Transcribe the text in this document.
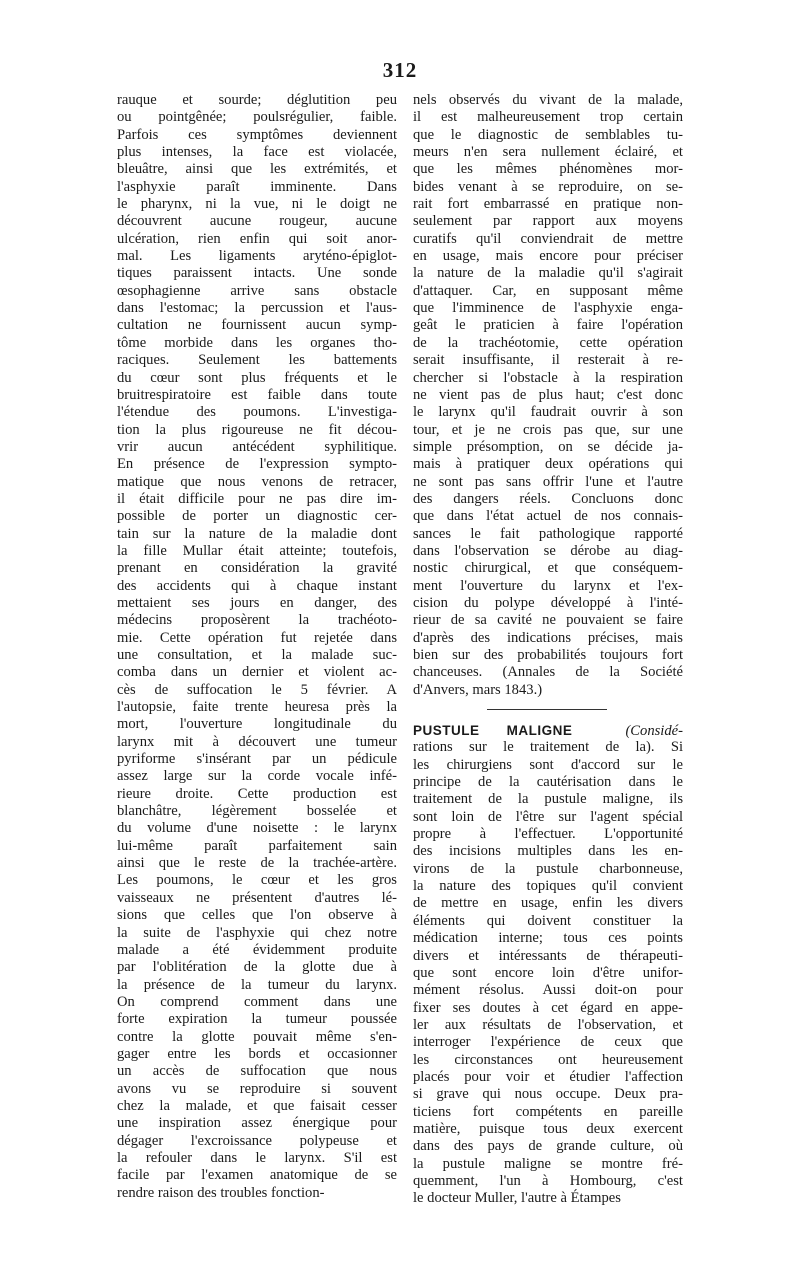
312
rauque et sourde; déglutition peu
ou pointgênée; poulsrégulier, faible.
Parfois ces symptômes deviennent
plus intenses, la face est violacée,
bleuâtre, ainsi que les extrémités, et
l'asphyxie paraît imminente. Dans
le pharynx, ni la vue, ni le doigt ne
découvrent aucune rougeur, aucune
ulcération, rien enfin qui soit anor-
mal. Les ligaments aryténo-épiglot-
tiques paraissent intacts. Une sonde
œsophagienne arrive sans obstacle
dans l'estomac; la percussion et l'aus-
cultation ne fournissent aucun symp-
tôme morbide dans les organes tho-
raciques. Seulement les battements
du cœur sont plus fréquents et le
bruitrespiratoire est faible dans toute
l'étendue des poumons. L'investiga-
tion la plus rigoureuse ne fit décou-
vrir aucun antécédent syphilitique.
En présence de l'expression sympto-
matique que nous venons de retracer,
il était difficile pour ne pas dire im-
possible de porter un diagnostic cer-
tain sur la nature de la maladie dont
la fille Mullar était atteinte; toutefois,
prenant en considération la gravité
des accidents qui à chaque instant
mettaient ses jours en danger, des
médecins proposèrent la trachéoto-
mie. Cette opération fut rejetée dans
une consultation, et la malade suc-
comba dans un dernier et violent ac-
cès de suffocation le 5 février. A
l'autopsie, faite trente heuresa près la
mort, l'ouverture longitudinale du
larynx mit à découvert une tumeur
pyriforme s'insérant par un pédicule
assez large sur la corde vocale infé-
rieure droite. Cette production est
blanchâtre, légèrement bosselée et
du volume d'une noisette : le larynx
lui-même paraît parfaitement sain
ainsi que le reste de la trachée-artère.
Les poumons, le cœur et les gros
vaisseaux ne présentent d'autres lé-
sions que celles que l'on observe à
la suite de l'asphyxie qui chez notre
malade a été évidemment produite
par l'oblitération de la glotte due à
la présence de la tumeur du larynx.
On comprend comment dans une
forte expiration la tumeur poussée
contre la glotte pouvait même s'en-
gager entre les bords et occasionner
un accès de suffocation que nous
avons vu se reproduire si souvent
chez la malade, et que faisait cesser
une inspiration assez énergique pour
dégager l'excroissance polypeuse et
la refouler dans le larynx. S'il est
facile par l'examen anatomique de se
rendre raison des troubles fonction-
nels observés du vivant de la malade,
il est malheureusement trop certain
que le diagnostic de semblables tu-
meurs n'en sera nullement éclairé, et
que les mêmes phénomènes mor-
bides venant à se reproduire, on se-
rait fort embarrassé en pratique non-
seulement par rapport aux moyens
curatifs qu'il conviendrait de mettre
en usage, mais encore pour préciser
la nature de la maladie qu'il s'agirait
d'attaquer. Car, en supposant même
que l'imminence de l'asphyxie enga-
geât le praticien à faire l'opération
de la trachéotomie, cette opération
serait insuffisante, il resterait à re-
chercher si l'obstacle à la respiration
ne vient pas de plus haut; c'est donc
le larynx qu'il faudrait ouvrir à son
tour, et je ne crois pas que, sur une
simple présomption, on se décide ja-
mais à pratiquer deux opérations qui
ne sont pas sans offrir l'une et l'autre
des dangers réels. Concluons donc
que dans l'état actuel de nos connais-
sances le fait pathologique rapporté
dans l'observation se dérobe au diag-
nostic chirurgical, et que conséquem-
ment l'ouverture du larynx et l'ex-
cision du polype développé à l'inté-
rieur de sa cavité ne pouvaient se faire
d'après des indications précises, mais
bien sur des probabilités toujours fort
chanceuses. (Annales de la Société
d'Anvers, mars 1843.)
PUSTULE MALIGNE	(Considé-
rations sur le traitement de la). Si
les chirurgiens sont d'accord sur le
principe de la cautérisation dans le
traitement de la pustule maligne, ils
sont loin de l'être sur l'agent spécial
propre à l'effectuer. L'opportunité
des incisions multiples dans les en-
virons de la pustule charbonneuse,
la nature des topiques qu'il convient
de mettre en usage, enfin les divers
éléments qui doivent constituer la
médication interne; tous ces points
divers et intéressants de thérapeuti-
que sont encore loin d'être unifor-
mément résolus. Aussi doit-on pour
fixer ses doutes à cet égard en appe-
ler aux résultats de l'observation, et
interroger l'expérience de ceux que
les circonstances ont heureusement
placés pour voir et étudier l'affection
si grave qui nous occupe. Deux pra-
ticiens fort compétents en pareille
matière, puisque tous deux exercent
dans des pays de grande culture, où
la pustule maligne se montre fré-
quemment, l'un à Hombourg, c'est
le docteur Muller, l'autre à Étampes
